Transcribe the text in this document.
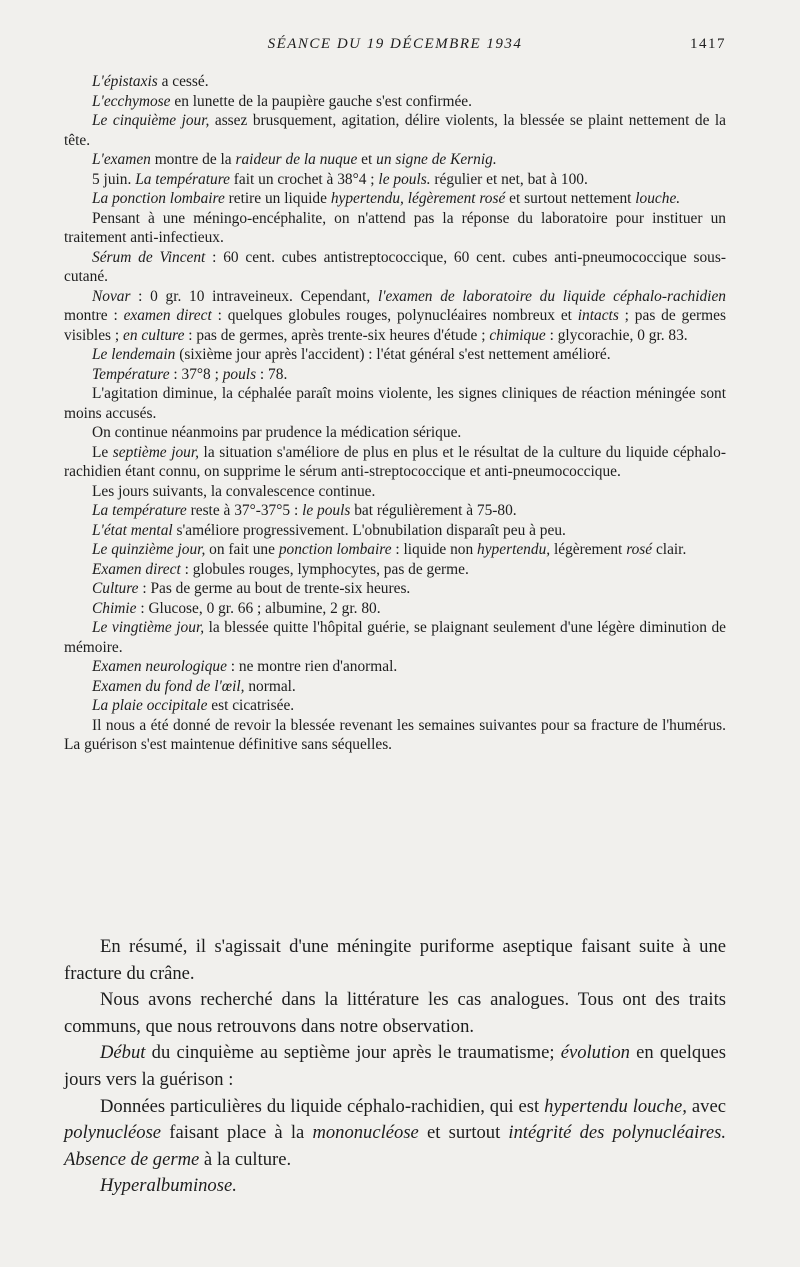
SÉANCE DU 19 DÉCEMBRE 1934	1417

L'épistaxis a cessé.

L'ecchymose en lunette de la paupière gauche s'est confirmée.

Le cinquième jour, assez brusquement, agitation, délire violents, la blessée se plaint nettement de la tête.

L'examen montre de la raideur de la nuque et un signe de Kernig.

5 juin. La température fait un crochet à 38°4 ; le pouls. régulier et net, bat à 100.

La ponction lombaire retire un liquide hypertendu, légèrement rosé et surtout nettement louche.

Pensant à une méningo-encéphalite, on n'attend pas la réponse du laboratoire pour instituer un traitement anti-infectieux.

Sérum de Vincent : 60 cent. cubes antistreptococcique, 60 cent. cubes anti-pneumococcique sous-cutané.

Novar : 0 gr. 10 intraveineux. Cependant, l'examen de laboratoire du liquide céphalo-rachidien montre : examen direct : quelques globules rouges, polynucléaires nombreux et intacts ; pas de germes visibles ; en culture : pas de germes, après trente-six heures d'étude ; chimique : glycorachie, 0 gr. 83.

Le lendemain (sixième jour après l'accident) : l'état général s'est nettement amélioré.

Température : 37°8 ; pouls : 78.

L'agitation diminue, la céphalée paraît moins violente, les signes cliniques de réaction méningée sont moins accusés.

On continue néanmoins par prudence la médication sérique.

Le septième jour, la situation s'améliore de plus en plus et le résultat de la culture du liquide céphalo-rachidien étant connu, on supprime le sérum anti-streptococcique et anti-pneumococcique.

Les jours suivants, la convalescence continue.

La température reste à 37°-37°5 : le pouls bat régulièrement à 75-80.

L'état mental s'améliore progressivement. L'obnubilation disparaît peu à peu.

Le quinzième jour, on fait une ponction lombaire : liquide non hypertendu, légèrement rosé clair.

Examen direct : globules rouges, lymphocytes, pas de germe.

Culture : Pas de germe au bout de trente-six heures.

Chimie : Glucose, 0 gr. 66 ; albumine, 2 gr. 80.

Le vingtième jour, la blessée quitte l'hôpital guérie, se plaignant seulement d'une légère diminution de mémoire.

Examen neurologique : ne montre rien d'anormal.

Examen du fond de l'œil, normal.

La plaie occipitale est cicatrisée.

Il nous a été donné de revoir la blessée revenant les semaines suivantes pour sa fracture de l'humérus. La guérison s'est maintenue définitive sans séquelles.

En résumé, il s'agissait d'une méningite puriforme aseptique faisant suite à une fracture du crâne.

Nous avons recherché dans la littérature les cas analogues. Tous ont des traits communs, que nous retrouvons dans notre observation.

Début du cinquième au septième jour après le traumatisme; évolution en quelques jours vers la guérison :

Données particulières du liquide céphalo-rachidien, qui est hypertendu louche, avec polynucléose faisant place à la mononucléose et surtout intégrité des polynucléaires. Absence de germe à la culture.

Hyperalbuminose.
